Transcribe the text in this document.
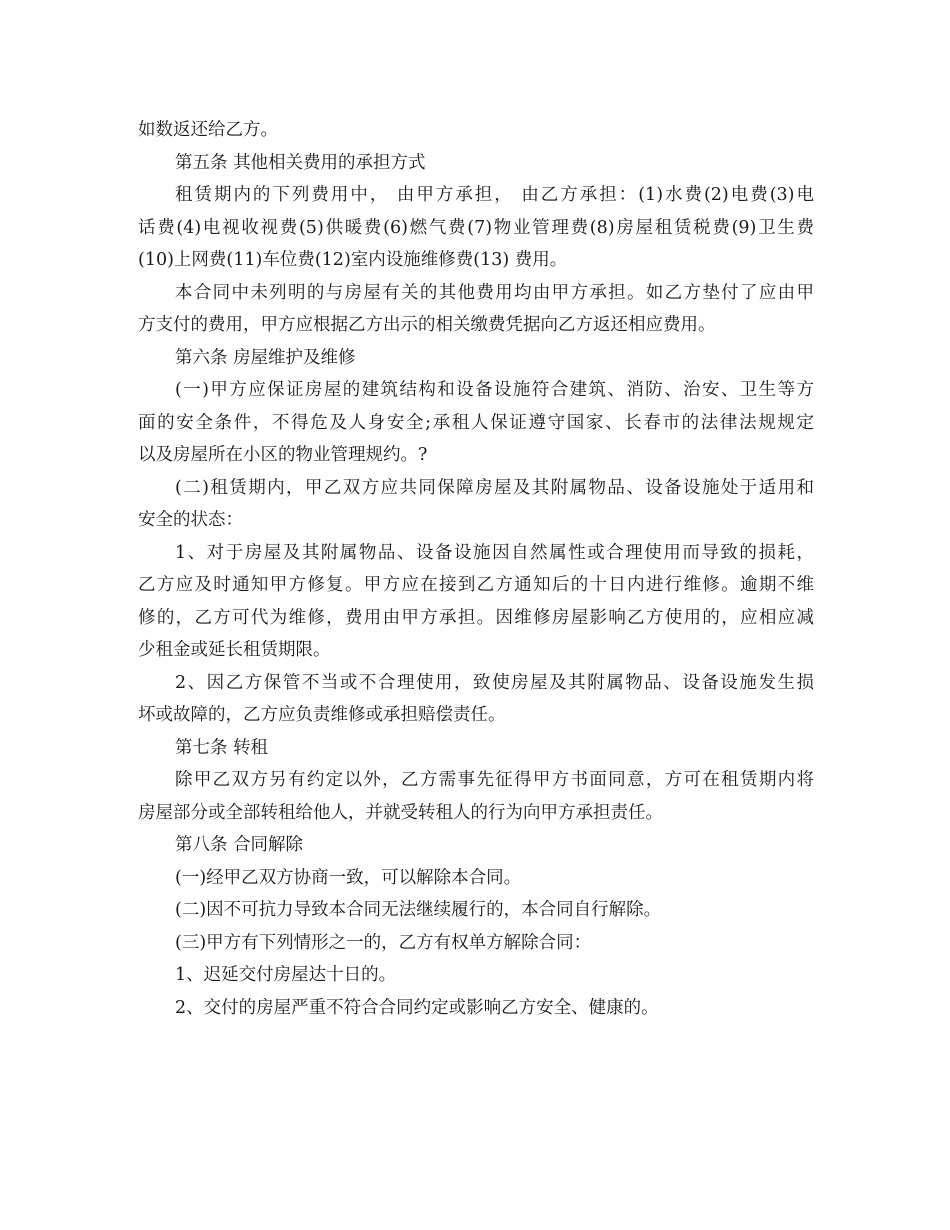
如数返还给乙方。
第五条 其他相关费用的承担方式
租赁期内的下列费用中， 由甲方承担， 由乙方承担：(1)水费(2)电费(3)电
话费(4)电视收视费(5)供暖费(6)燃气费(7)物业管理费(8)房屋租赁税费(9)卫生费
(10)上网费(11)车位费(12)室内设施维修费(13) 费用。
本合同中未列明的与房屋有关的其他费用均由甲方承担。如乙方垫付了应由甲
方支付的费用，甲方应根据乙方出示的相关缴费凭据向乙方返还相应费用。
第六条 房屋维护及维修
(一)甲方应保证房屋的建筑结构和设备设施符合建筑、消防、治安、卫生等方
面的安全条件，不得危及人身安全;承租人保证遵守国家、长春市的法律法规规定
以及房屋所在小区的物业管理规约。?
(二)租赁期内，甲乙双方应共同保障房屋及其附属物品、设备设施处于适用和
安全的状态：
1、对于房屋及其附属物品、设备设施因自然属性或合理使用而导致的损耗，
乙方应及时通知甲方修复。甲方应在接到乙方通知后的十日内进行维修。逾期不维
修的，乙方可代为维修，费用由甲方承担。因维修房屋影响乙方使用的，应相应减
少租金或延长租赁期限。
2、因乙方保管不当或不合理使用，致使房屋及其附属物品、设备设施发生损
坏或故障的，乙方应负责维修或承担赔偿责任。
第七条 转租
除甲乙双方另有约定以外，乙方需事先征得甲方书面同意，方可在租赁期内将
房屋部分或全部转租给他人，并就受转租人的行为向甲方承担责任。
第八条 合同解除
(一)经甲乙双方协商一致，可以解除本合同。
(二)因不可抗力导致本合同无法继续履行的，本合同自行解除。
(三)甲方有下列情形之一的，乙方有权单方解除合同：
1、迟延交付房屋达十日的。
2、交付的房屋严重不符合合同约定或影响乙方安全、健康的。
